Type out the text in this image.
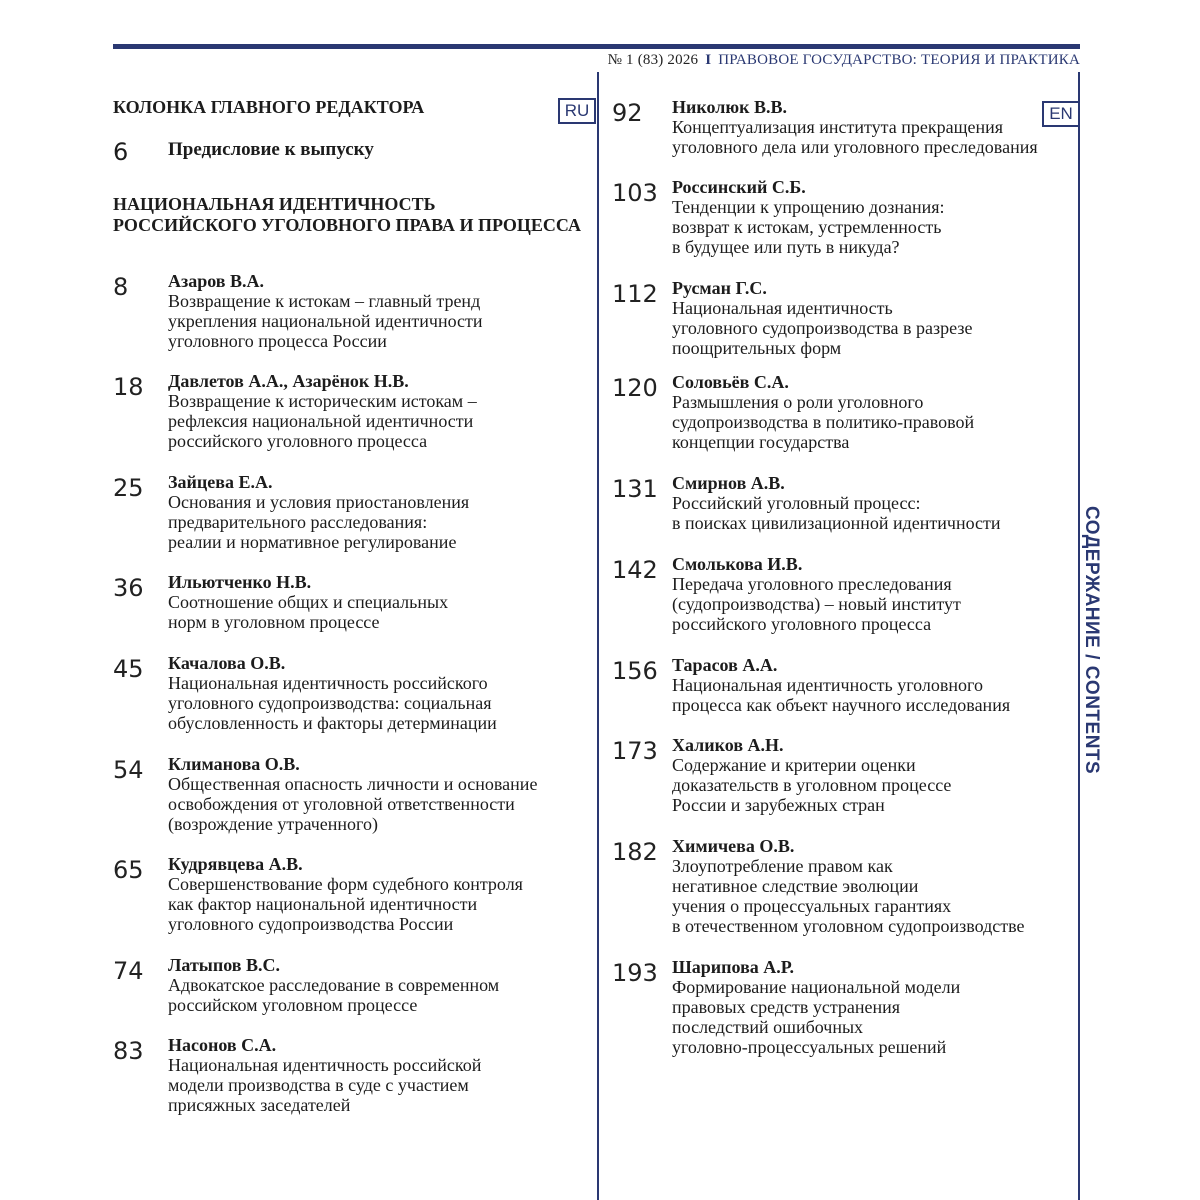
№ 1 (83) 2026 I ПРАВОВОЕ ГОСУДАРСТВО: ТЕОРИЯ И ПРАКТИКА
RU	EN
СОДЕРЖАНИЕ / CONTENTS
КОЛОНКА ГЛАВНОГО РЕДАКТОРА
6 Предисловие к выпуску
НАЦИОНАЛЬНАЯ ИДЕНТИЧНОСТЬ
РОССИЙСКОГО УГОЛОВНОГО ПРАВА И ПРОЦЕССА
8	Азаров В.А.
Возвращение к истокам – главный тренд
укрепления национальной идентичности
уголовного процесса России
18	Давлетов А.А., Азарёнок Н.В.
Возвращение к историческим истокам –
рефлексия национальной идентичности
российского уголовного процесса
25	Зайцева Е.А.
Основания и условия приостановления
предварительного расследования:
реалии и нормативное регулирование
36	Ильютченко Н.В.
Соотношение общих и специальных
норм в уголовном процессе
45	Качалова О.В.
Национальная идентичность российского
уголовного судопроизводства: социальная
обусловленность и факторы детерминации
54	Климанова О.В.
Общественная опасность личности и основание
освобождения от уголовной ответственности
(возрождение утраченного)
65	Кудрявцева А.В.
Совершенствование форм судебного контроля
как фактор национальной идентичности
уголовного судопроизводства России
74	Латыпов В.С.
Адвокатское расследование в современном
российском уголовном процессе
83	Насонов С.А.
Национальная идентичность российской
модели производства в суде с участием
присяжных заседателей
92	Николюк В.В.
Концептуализация института прекращения
уголовного дела или уголовного преследования
103 Россинский С.Б.
Тенденции к упрощению дознания:
возврат к истокам, устремленность
в будущее или путь в никуда?
112 Русман Г.С.
Национальная идентичность
уголовного судопроизводства в разрезе
поощрительных форм
120 Соловьёв С.А.
Размышления о роли уголовного
судопроизводства в политико-правовой
концепции государства
131 Смирнов А.В.
Российский уголовный процесс:
в поисках цивилизационной идентичности
142 Смолькова И.В.
Передача уголовного преследования
(судопроизводства) – новый институт
российского уголовного процесса
156 Тарасов А.А.
Национальная идентичность уголовного
процесса как объект научного исследования
173 Халиков А.Н.
Содержание и критерии оценки
доказательств в уголовном процессе
России и зарубежных стран
182 Химичева О.В.
Злоупотребление правом как
негативное следствие эволюции
учения о процессуальных гарантиях
в отечественном уголовном судопроизводстве
193 Шарипова А.Р.
Формирование национальной модели
правовых средств устранения
последствий ошибочных
уголовно-процессуальных решений
